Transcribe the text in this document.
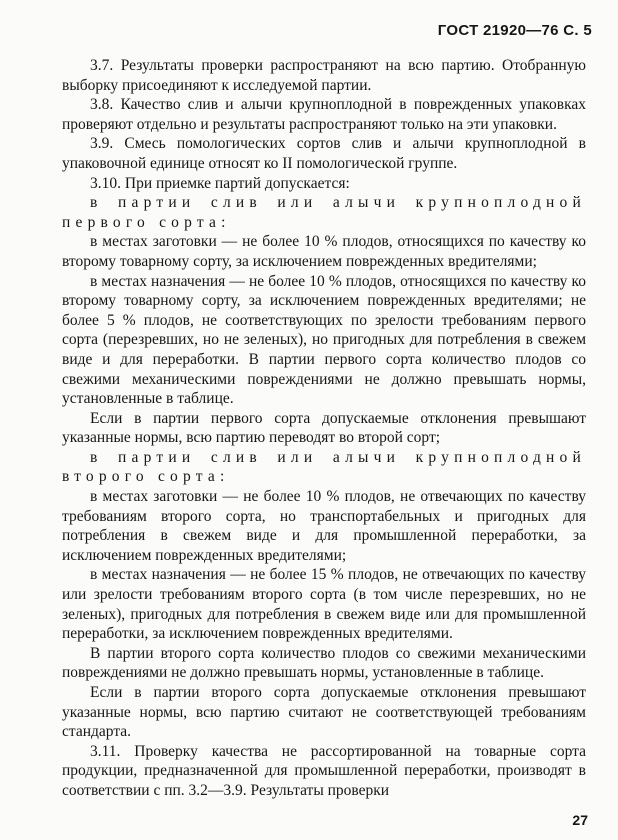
ГОСТ 21920—76 С. 5

3.7. Результаты проверки распространяют на всю партию. Отобранную выборку присоединяют к исследуемой партии.

3.8. Качество слив и алычи крупноплодной в поврежденных упаковках проверяют отдельно и результаты распространяют только на эти упаковки.

3.9. Смесь помологических сортов слив и алычи крупноплодной в упаковочной единице относят ко II помологической группе.

3.10. При приемке партий допускается:

в партии слив или алычи крупноплодной первого сорта:

в местах заготовки — не более 10 % плодов, относящихся по качеству ко второму товарному сорту, за исключением поврежденных вредителями;

в местах назначения — не более 10 % плодов, относящихся по качеству ко второму товарному сорту, за исключением поврежденных вредителями; не более 5 % плодов, не соответствующих по зрелости требованиям первого сорта (перезревших, но не зеленых), но пригодных для потребления в свежем виде и для переработки. В партии первого сорта количество плодов со свежими механическими повреждениями не должно превышать нормы, установленные в таблице.

Если в партии первого сорта допускаемые отклонения превышают указанные нормы, всю партию переводят во второй сорт;

в партии слив или алычи крупноплодной второго сорта:

в местах заготовки — не более 10 % плодов, не отвечающих по качеству требованиям второго сорта, но транспортабельных и пригодных для потребления в свежем виде и для промышленной переработки, за исключением поврежденных вредителями;

в местах назначения — не более 15 % плодов, не отвечающих по качеству или зрелости требованиям второго сорта (в том числе перезревших, но не зеленых), пригодных для потребления в свежем виде или для промышленной переработки, за исключением поврежденных вредителями.

В партии второго сорта количество плодов со свежими механическими повреждениями не должно превышать нормы, установленные в таблице.

Если в партии второго сорта допускаемые отклонения превышают указанные нормы, всю партию считают не соответствующей требованиям стандарта.

3.11. Проверку качества не рассортированной на товарные сорта продукции, предназначенной для промышленной переработки, производят в соответствии с пп. 3.2—3.9. Результаты проверки

27
